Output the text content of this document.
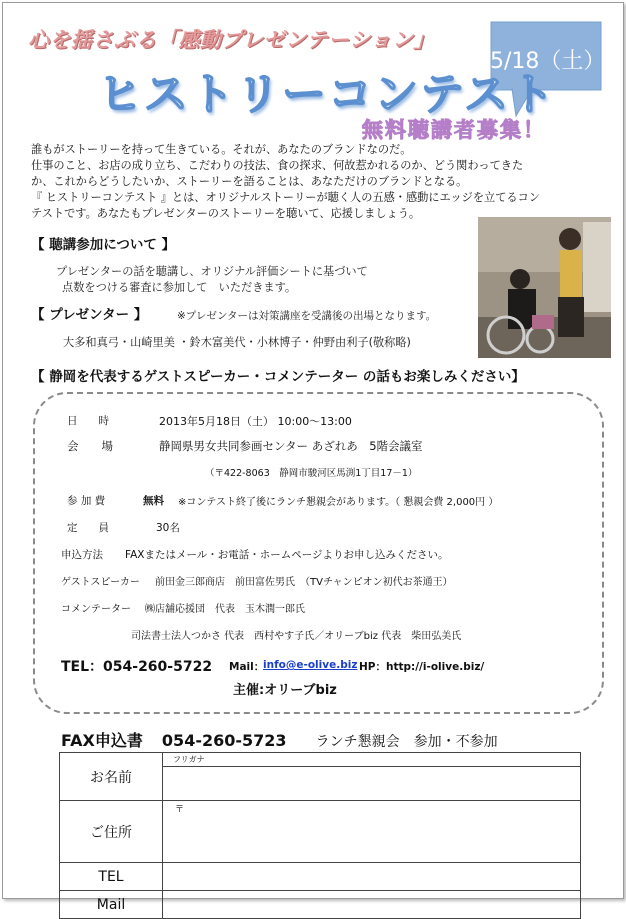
心を揺さぶる「感動プレゼンテーション」
5/18（土）
ヒストリーコンテスト
無料聴講者募集！
誰もがストーリーを持って生きている。それが、あなたのブランドなのだ。
仕事のこと、お店の成り立ち、こだわりの技法、食の探求、何故惹かれるのか、どう関わってきた
か、これからどうしたいか、ストーリーを語ることは、あなただけのブランドとなる。
『 ヒストリーコンテスト 』とは、オリジナルストーリーが聴く人の五感・感動にエッジを立てるコン
テストです。あなたもプレゼンターのストーリーを聴いて、応援しましょう。
【 聴講参加について 】
プレゼンターの話を聴講し、オリジナル評価シートに基づいて
点数をつける審査に参加して　いただきます。
【 プレゼンター 】	※プレゼンターは対策講座を受講後の出場となります。
大多和真弓・山崎里美 ・鈴木富美代・小林博子・仲野由利子(敬称略)
【 静岡を代表するゲストスピーカー・コメンテーター の話もお楽しみください】
日　　時	2013年5月18日（土） 10:00～13:00
会　　場	静岡県男女共同参画センター あざれあ　5階会議室
（〒422-8063　静岡市駿河区馬渕1丁目17－1）
参 加 費	無料 ※コンテスト終了後にランチ懇親会があります。（ 懇親会費 2,000円 ）
定　　員	30名
申込方法 FAXまたはメール・お電話・ホームページよりお申し込みください。
ゲストスピーカー 前田金三郎商店　前田富佐男氏　（TVチャンピオン初代お茶通王）
コメンテーター ㈱店舗応援団　代表　玉木潤一郎氏
司法書士法人つかさ 代表　西村やす子氏／オリーブbiz 代表　柴田弘美氏
TEL：054-260-5722 Mail：
info@e-olive.biz HP：http://i-olive.biz/
主催:オリーブbiz
FAX申込書 054-260-5723 ランチ懇親会　参加・不参加
お名前	フリガナ

ご住所	〒
TEL	
Mail	
